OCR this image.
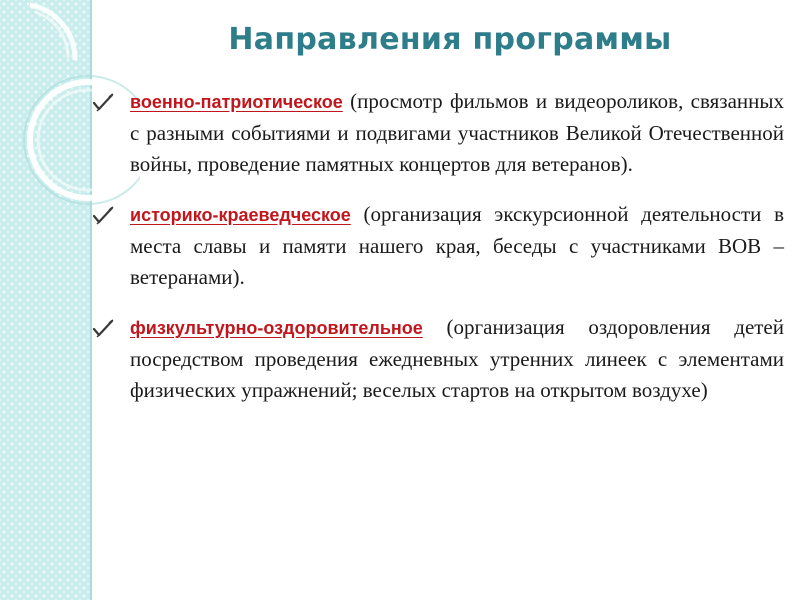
Направления программы
военно-патриотическое (просмотр фильмов и видеороликов, связанных с разными событиями и подвигами участников Великой Отечественной войны, проведение памятных концертов для ветеранов).
историко-краеведческое (организация экскурсионной деятельности в места славы и памяти нашего края, беседы с участниками ВОВ – ветеранами).
физкультурно-оздоровительное (организация оздоровления детей посредством проведения ежедневных утренних линеек с элементами физических упражнений; веселых стартов на открытом воздухе)
